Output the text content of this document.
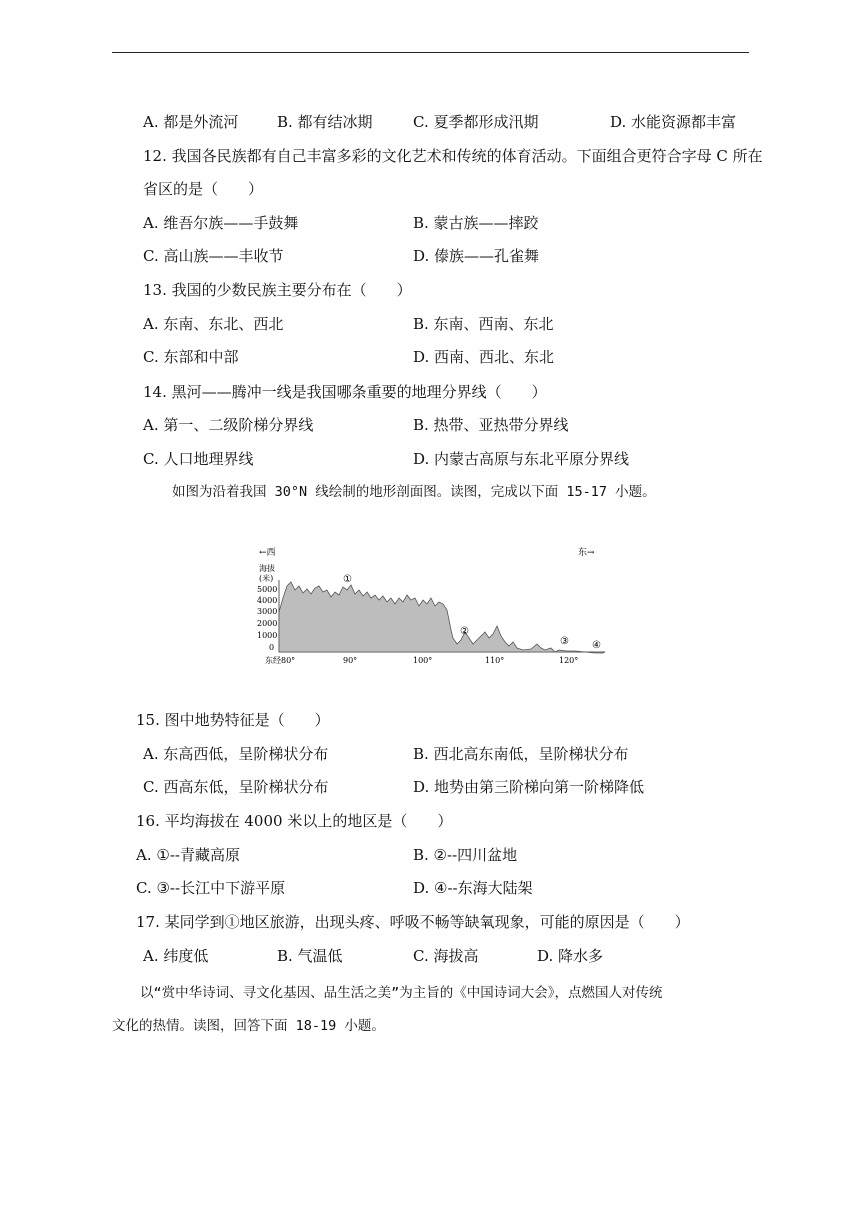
A. 都是外流河	B. 都有结冰期	C. 夏季都形成汛期	D. 水能资源都丰富
12. 我国各民族都有自己丰富多彩的文化艺术和传统的体育活动。下面组合更符合字母 C 所在
省区的是（　　）
A. 维吾尔族——手鼓舞	B. 蒙古族——摔跤
C. 高山族——丰收节	D. 傣族——孔雀舞
13. 我国的少数民族主要分布在（　　）
A. 东南、东北、西北	B. 东南、西南、东北
C. 东部和中部	D. 西南、西北、东北
14. 黑河——腾冲一线是我国哪条重要的地理分界线（　　）
A. 第一、二级阶梯分界线	B. 热带、亚热带分界线
C. 人口地理界线	D. 内蒙古高原与东北平原分界线
如图为沿着我国 30°N 线绘制的地形剖面图。读图，完成以下面 15-17 小题。
←西	东→
海拔
(米)
5000
4000
3000
2000
1000
0
①
②
③ ④
东经80°	90°	100°	110°	120°
15. 图中地势特征是（　　）
A. 东高西低，呈阶梯状分布	B. 西北高东南低，呈阶梯状分布
C. 西高东低，呈阶梯状分布	D. 地势由第三阶梯向第一阶梯降低
16. 平均海拔在 4000 米以上的地区是（　　）
A. ①--青藏高原	B. ②--四川盆地
C. ③--长江中下游平原	D. ④--东海大陆架
17. 某同学到①地区旅游，出现头疼、呼吸不畅等缺氧现象，可能的原因是（　　）
A. 纬度低	B. 气温低	C. 海拔高	D. 降水多
以“赏中华诗词、寻文化基因、品生活之美”为主旨的《中国诗词大会》，点燃国人对传统
文化的热情。读图，回答下面 18-19 小题。
